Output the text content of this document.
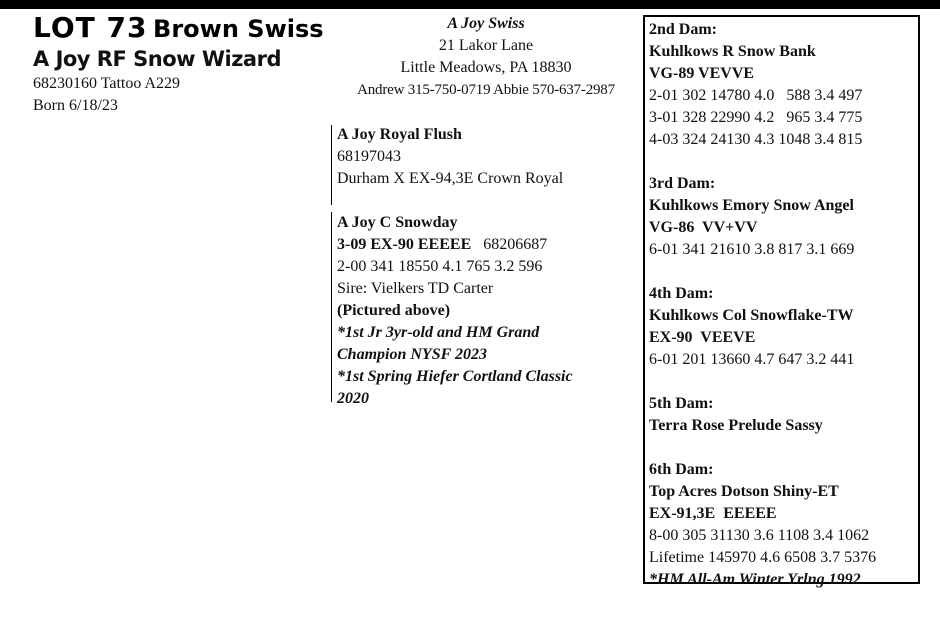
LOT 73 Brown Swiss
A Joy RF Snow Wizard
68230160 Tattoo A229
Born 6/18/23
A Joy Swiss
21 Lakor Lane
Little Meadows, PA 18830
Andrew 315-750-0719 Abbie 570-637-2987
A Joy Royal Flush
68197043
Durham X EX-94,3E Crown Royal
A Joy C Snowday
3-09 EX-90 EEEEE 68206687
2-00 341 18550 4.1 765 3.2 596
Sire: Vielkers TD Carter
(Pictured above)
*1st Jr 3yr-old and HM Grand
Champion NYSF 2023
*1st Spring Hiefer Cortland Classic
2020
2nd Dam:
Kuhlkows R Snow Bank
VG-89 VEVVE
2-01 302 14780 4.0   588 3.4 497
3-01 328 22990 4.2   965 3.4 775
4-03 324 24130 4.3 1048 3.4 815
3rd Dam:
Kuhlkows Emory Snow Angel
VG-86  VV+VV
6-01 341 21610 3.8 817 3.1 669
4th Dam:
Kuhlkows Col Snowflake-TW
EX-90  VEEVE
6-01 201 13660 4.7 647 3.2 441
5th Dam:
Terra Rose Prelude Sassy
6th Dam:
Top Acres Dotson Shiny-ET
EX-91,3E  EEEEE
8-00 305 31130 3.6 1108 3.4 1062
Lifetime 145970 4.6 6508 3.7 5376
*HM All-Am Winter Yrlng 1992
